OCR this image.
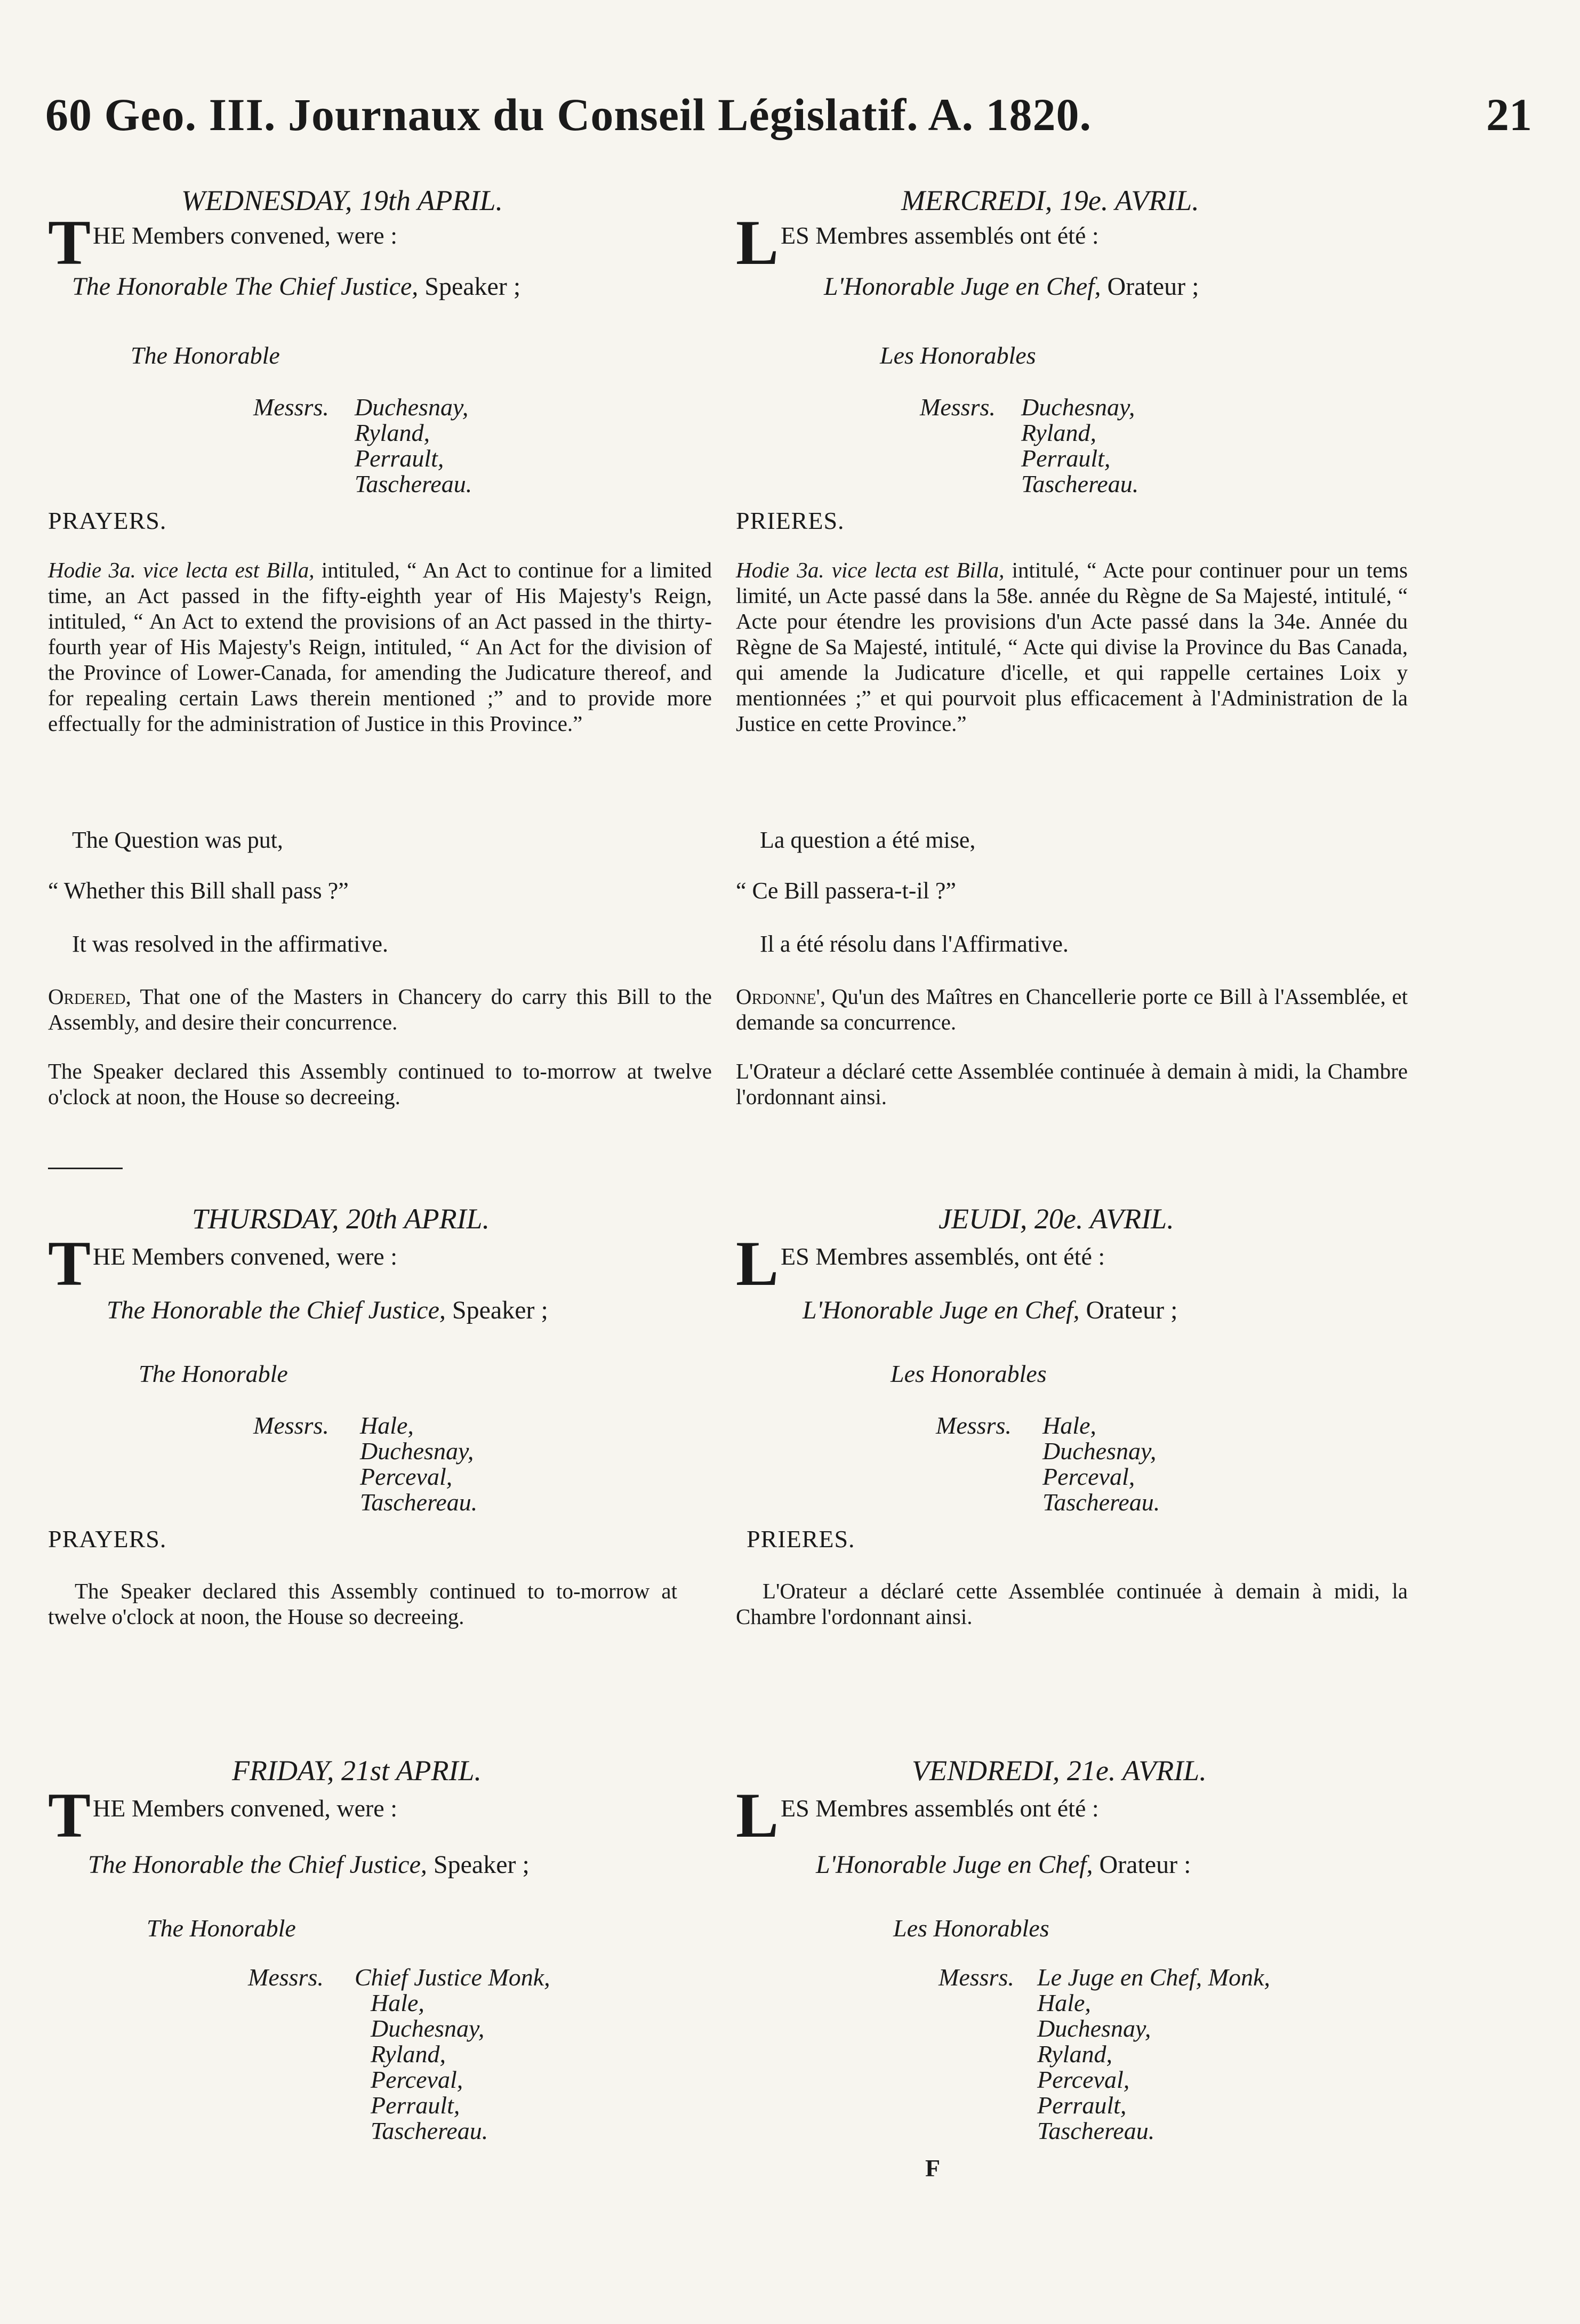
60 Geo. III. Journaux du Conseil Législatif. A. 1820.	21
WEDNESDAY, 19th APRIL.
THE Members convened, were :
The Honorable The Chief Justice, Speaker ;
The Honorable
Messrs. Duchesnay,
Ryland,
Perrault,
Taschereau.
PRAYERS.
Hodie 3a. vice lecta est Billa, intituled, “ An Act to continue for a limited time, an Act passed in the fifty-eighth year of His Majesty's Reign, intituled, “ An Act to extend the provisions of an Act passed in the thirty-fourth year of His Majesty's Reign, intituled, “ An Act for the division of the Province of Lower-Canada, for amending the Judicature thereof, and for repealing certain Laws therein mentioned ;” and to provide more effectually for the administration of Justice in this Province.”
The Question was put,
“ Whether this Bill shall pass ?”
It was resolved in the affirmative.
Ordered, That one of the Masters in Chancery do carry this Bill to the Assembly, and desire their concurrence.
The Speaker declared this Assembly continued to to-morrow at twelve o'clock at noon, the House so decreeing.
THURSDAY, 20th APRIL.
THE Members convened, were :
The Honorable the Chief Justice, Speaker ;
The Honorable
Messrs. Hale,
Duchesnay,
Perceval,
Taschereau.
PRAYERS.
The Speaker declared this Assembly continued to to-morrow at twelve o'clock at noon, the House so decreeing.
FRIDAY, 21st APRIL.
THE Members convened, were :
The Honorable the Chief Justice, Speaker ;
The Honorable
Messrs. Chief Justice Monk,
Hale,
Duchesnay,
Ryland,
Perceval,
Perrault,
Taschereau.
MERCREDI, 19e. AVRIL.
LES Membres assemblés ont été :
L'Honorable Juge en Chef, Orateur ;
Les Honorables
Messrs. Duchesnay,
Ryland,
Perrault,
Taschereau.
PRIERES.
Hodie 3a. vice lecta est Billa, intitulé, “ Acte pour continuer pour un tems limité, un Acte passé dans la 58e. année du Règne de Sa Majesté, intitulé, “ Acte pour étendre les provisions d'un Acte passé dans la 34e. Année du Règne de Sa Majesté, intitulé, “ Acte qui divise la Province du Bas Canada, qui amende la Judicature d'icelle, et qui rappelle certaines Loix y mentionnées ;” et qui pourvoit plus efficacement à l'Administration de la Justice en cette Province.”
La question a été mise,
“ Ce Bill passera-t-il ?”
Il a été résolu dans l'Affirmative.
Ordonne', Qu'un des Maîtres en Chancellerie porte ce Bill à l'Assemblée, et demande sa concurrence.
L'Orateur a déclaré cette Assemblée continuée à demain à midi, la Chambre l'ordonnant ainsi.
JEUDI, 20e. AVRIL.
LES Membres assemblés, ont été :
L'Honorable Juge en Chef, Orateur ;
Les Honorables
Messrs. Hale,
Duchesnay,
Perceval,
Taschereau.
PRIERES.
L'Orateur a déclaré cette Assemblée continuée à demain à midi, la Chambre l'ordonnant ainsi.
VENDREDI, 21e. AVRIL.
LES Membres assemblés ont été :
L'Honorable Juge en Chef, Orateur :
Les Honorables
Messrs. Le Juge en Chef, Monk,
Hale,
Duchesnay,
Ryland,
Perceval,
Perrault,
Taschereau.
F
